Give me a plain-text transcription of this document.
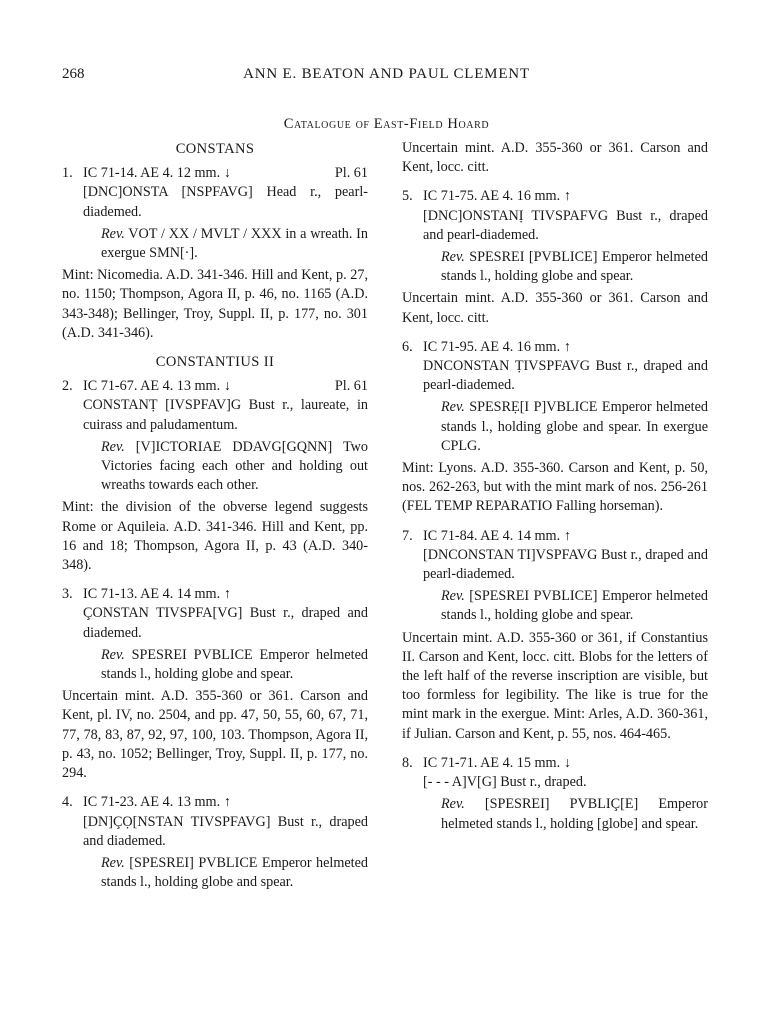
268	ANN E. BEATON AND PAUL CLEMENT
Catalogue of East-Field Hoard
CONSTANS
1. IC 71-14. AE 4. 12 mm. ↓	Pl. 61
[DNC]ONSTA [NSPFAVG] Head r., pearl-diademed.
Rev. VOT / XX / MVLT / XXX in a wreath. In exergue SMN[·].
Mint: Nicomedia. A.D. 341-346. Hill and Kent, p. 27, no. 1150; Thompson, Agora II, p. 46, no. 1165 (A.D. 343-348); Bellinger, Troy, Suppl. II, p. 177, no. 301 (A.D. 341-346).
CONSTANTIUS II
2. IC 71-67. AE 4. 13 mm. ↓	Pl. 61
CONSTANṬ [IVSPFAV]G Bust r., laureate, in cuirass and paludamentum.
Rev. [V]ICTORIAE DDAVG[GQNN] Two Victories facing each other and holding out wreaths towards each other.
Mint: the division of the obverse legend suggests Rome or Aquileia. A.D. 341-346. Hill and Kent, pp. 16 and 18; Thompson, Agora II, p. 43 (A.D. 340-348).
3. IC 71-13. AE 4. 14 mm. ↑
ÇONSTAN TIVSPFA[VG] Bust r., draped and diademed.
Rev. SPESREI PVBLICE Emperor helmeted stands l., holding globe and spear.
Uncertain mint. A.D. 355-360 or 361. Carson and Kent, pl. IV, no. 2504, and pp. 47, 50, 55, 60, 67, 71, 77, 78, 83, 87, 92, 97, 100, 103. Thompson, Agora II, p. 43, no. 1052; Bellinger, Troy, Suppl. II, p. 177, no. 294.
4. IC 71-23. AE 4. 13 mm. ↑
[DN]ÇỌ[NSTAN TIVSPFAVG] Bust r., draped and diademed.
Rev. [SPESREI] PVBLICE Emperor helmeted stands l., holding globe and spear.
Uncertain mint. A.D. 355-360 or 361. Carson and Kent, locc. citt.
5. IC 71-75. AE 4. 16 mm. ↑
[DNC]ONSTANỊ TIVSPAFVG Bust r., draped and pearl-diademed.
Rev. SPESREI [PVBLICE] Emperor helmeted stands l., holding globe and spear.
Uncertain mint. A.D. 355-360 or 361. Carson and Kent, locc. citt.
6. IC 71-95. AE 4. 16 mm. ↑
DNCONSTAN ṬIVSPFAVG Bust r., draped and pearl-diademed.
Rev. SPESRẸ[I P]VBLICE Emperor helmeted stands l., holding globe and spear. In exergue CPLG.
Mint: Lyons. A.D. 355-360. Carson and Kent, p. 50, nos. 262-263, but with the mint mark of nos. 256-261 (FEL TEMP REPARATIO Falling horseman).
7. IC 71-84. AE 4. 14 mm. ↑
[DNCONSTAN TI]VSPFAVG Bust r., draped and pearl-diademed.
Rev. [SPESREI PVBLICE] Emperor helmeted stands l., holding globe and spear.
Uncertain mint. A.D. 355-360 or 361, if Constantius II. Carson and Kent, locc. citt. Blobs for the letters of the left half of the reverse inscription are visible, but too formless for legibility. The like is true for the mint mark in the exergue. Mint: Arles, A.D. 360-361, if Julian. Carson and Kent, p. 55, nos. 464-465.
8. IC 71-71. AE 4. 15 mm. ↓
[- - - A]V[G] Bust r., draped.
Rev. [SPESREI] PVBLIÇ[E] Emperor helmeted stands l., holding [globe] and spear.
